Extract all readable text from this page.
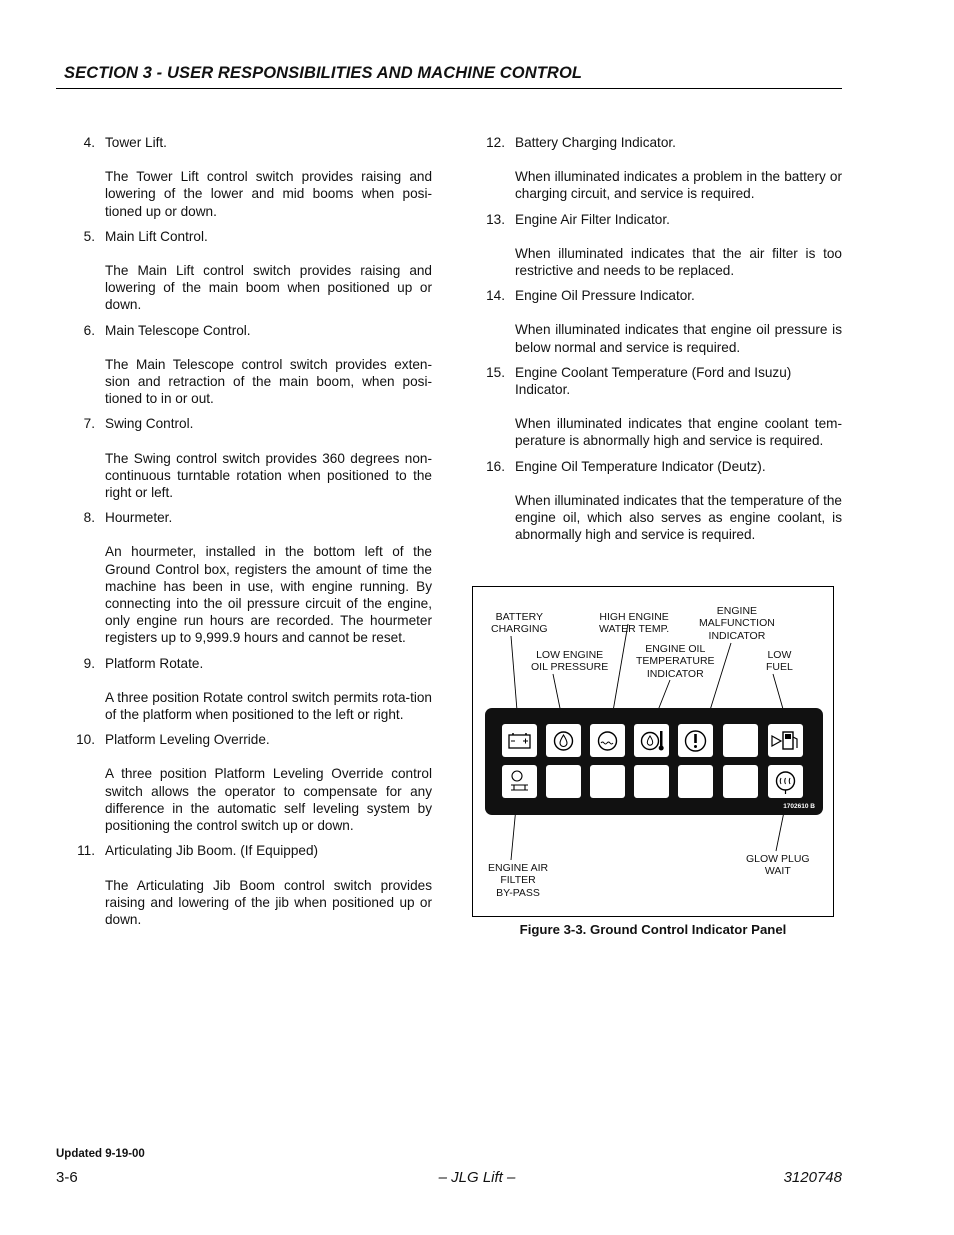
SECTION 3 - USER RESPONSIBILITIES AND MACHINE CONTROL
4. Tower Lift.
The Tower Lift control switch provides raising and lowering of the lower and mid booms when posi-tioned up or down.
5. Main Lift Control.
The Main Lift control switch provides raising and lowering of the main boom when positioned up or down.
6. Main Telescope Control.
The Main Telescope control switch provides exten-sion and retraction of the main boom, when posi-tioned to in or out.
7. Swing Control.
The Swing control switch provides 360 degrees non-continuous turntable rotation when positioned to the right or left.
8. Hourmeter.
An hourmeter, installed in the bottom left of the Ground Control box, registers the amount of time the machine has been in use, with engine running. By connecting into the oil pressure circuit of the engine, only engine run hours are recorded. The hourmeter registers up to 9,999.9 hours and cannot be reset.
9. Platform Rotate.
A three position Rotate control switch permits rota-tion of the platform when positioned to the left or right.
10. Platform Leveling Override.
A three position Platform Leveling Override control switch allows the operator to compensate for any difference in the automatic self leveling system by positioning the control switch up or down.
11. Articulating Jib Boom. (If Equipped)
The Articulating Jib Boom control switch provides raising and lowering of the jib when positioned up or down.
12. Battery Charging Indicator.
When illuminated indicates a problem in the battery or charging circuit, and service is required.
13. Engine Air Filter Indicator.
When illuminated indicates that the air filter is too restrictive and needs to be replaced.
14. Engine Oil Pressure Indicator.
When illuminated indicates that engine oil pressure is below normal and service is required.
15. Engine Coolant Temperature (Ford and Isuzu) Indicator.
When illuminated indicates that engine coolant tem-perature is abnormally high and service is required.
16. Engine Oil Temperature Indicator (Deutz).
When illuminated indicates that the temperature of the engine oil, which also serves as engine coolant, is abnormally high and service is required.
BATTERY
CHARGING
HIGH ENGINE
WATER TEMP.
ENGINE
MALFUNCTION
INDICATOR
LOW ENGINE
OIL PRESSURE
ENGINE OIL
TEMPERATURE
INDICATOR
LOW
FUEL
ENGINE AIR
FILTER
BY-PASS
GLOW PLUG
WAIT
1702610 B
Figure 3-3. Ground Control Indicator Panel
Updated 9-19-00
3-6	– JLG Lift –	3120748
